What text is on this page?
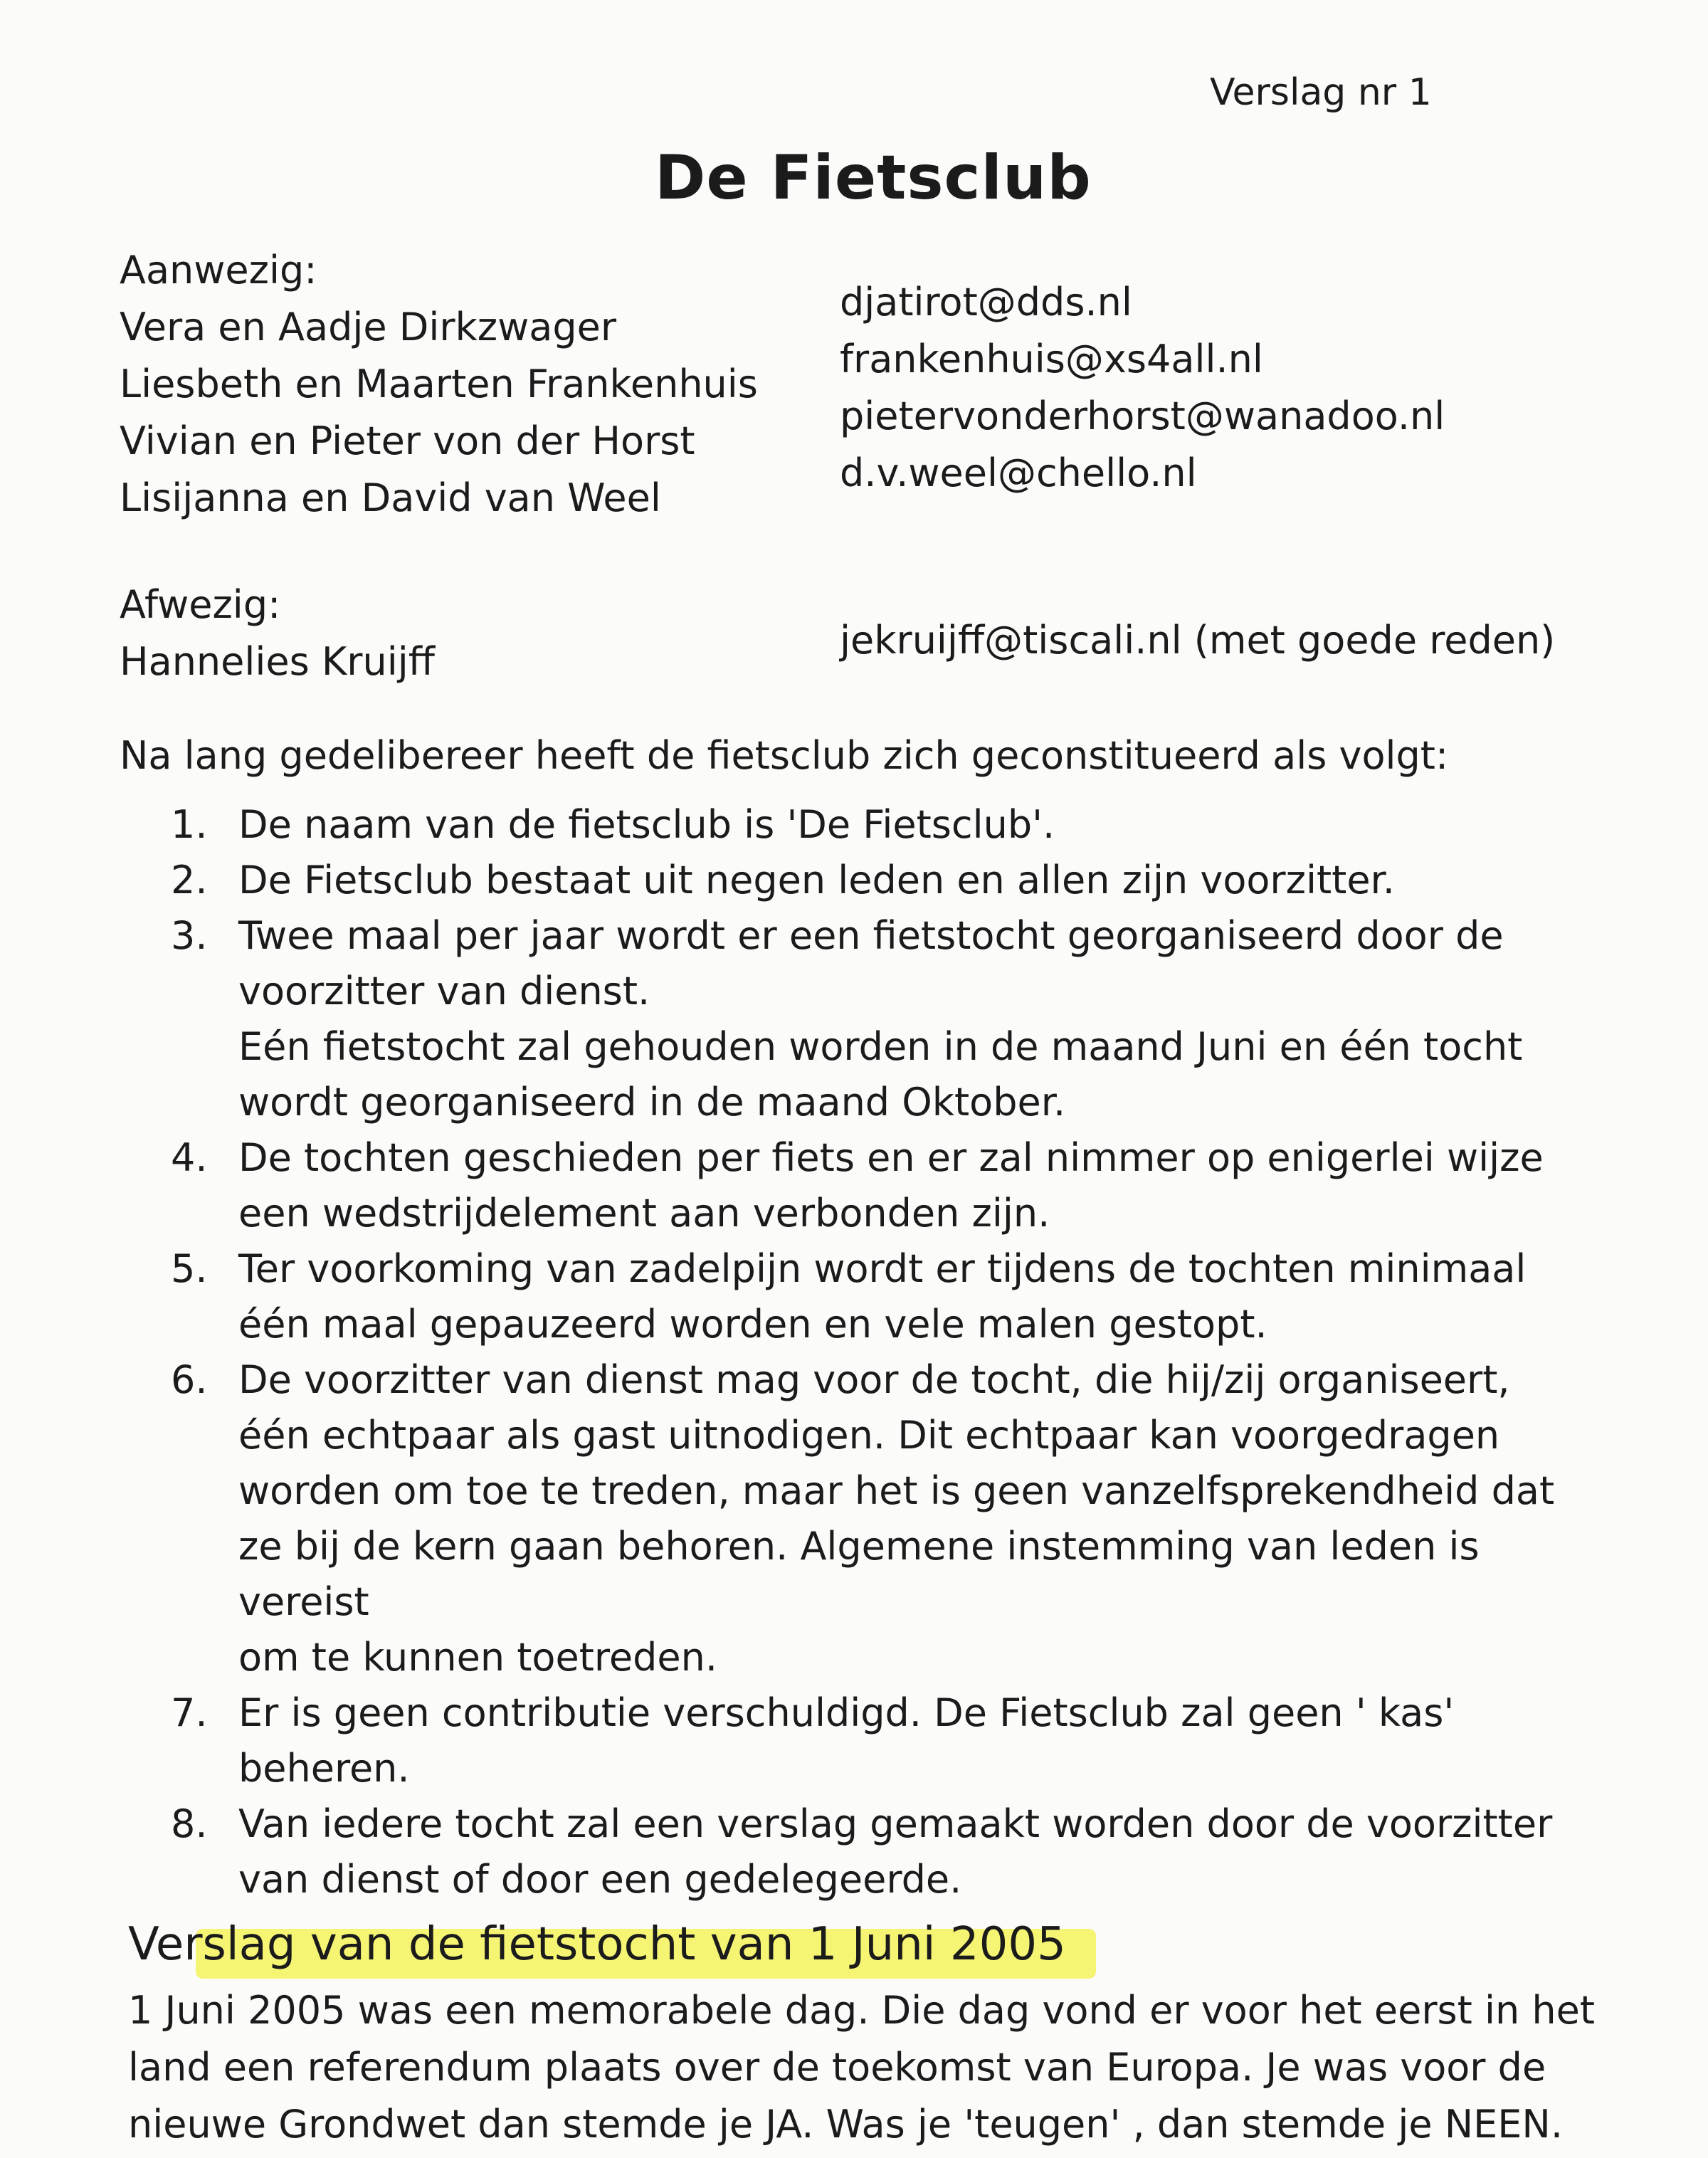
Verslag nr 1
De Fietsclub
Aanwezig:
Vera en Aadje Dirkzwager
Liesbeth en Maarten Frankenhuis
Vivian en Pieter von der Horst
Lisijanna en David van Weel
djatirot@dds.nl
frankenhuis@xs4all.nl
pietervonderhorst@wanadoo.nl
d.v.weel@chello.nl
Afwezig:
Hannelies Kruijff	jekruijff@tiscali.nl (met goede reden)
Na lang gedelibereer heeft de fietsclub zich geconstitueerd als volgt:
1. De naam van de fietsclub is 'De Fietsclub'.
2. De Fietsclub bestaat uit negen leden en allen zijn voorzitter.
3. Twee maal per jaar wordt er een fietstocht georganiseerd door de
voorzitter van dienst.
Eén fietstocht zal gehouden worden in de maand Juni en één tocht
wordt georganiseerd in de maand Oktober.
4. De tochten geschieden per fiets en er zal nimmer op enigerlei wijze
een wedstrijdelement aan verbonden zijn.
5. Ter voorkoming van zadelpijn wordt er tijdens de tochten minimaal
één maal gepauzeerd worden en vele malen gestopt.
6. De voorzitter van dienst mag voor de tocht, die hij/zij organiseert,
één echtpaar als gast uitnodigen. Dit echtpaar kan voorgedragen
worden om toe te treden, maar het is geen vanzelfsprekendheid dat
ze bij de kern gaan behoren. Algemene instemming van leden is vereist
om te kunnen toetreden.
7. Er is geen contributie verschuldigd. De Fietsclub zal geen ' kas'
beheren.
8. Van iedere tocht zal een verslag gemaakt worden door de voorzitter
van dienst of door een gedelegeerde.
Verslag van de fietstocht van 1 Juni 2005
1 Juni 2005 was een memorabele dag. Die dag vond er voor het eerst in het
land een referendum plaats over de toekomst van Europa. Je was voor de
nieuwe Grondwet dan stemde je JA. Was je 'teugen' , dan stemde je NEEN.
